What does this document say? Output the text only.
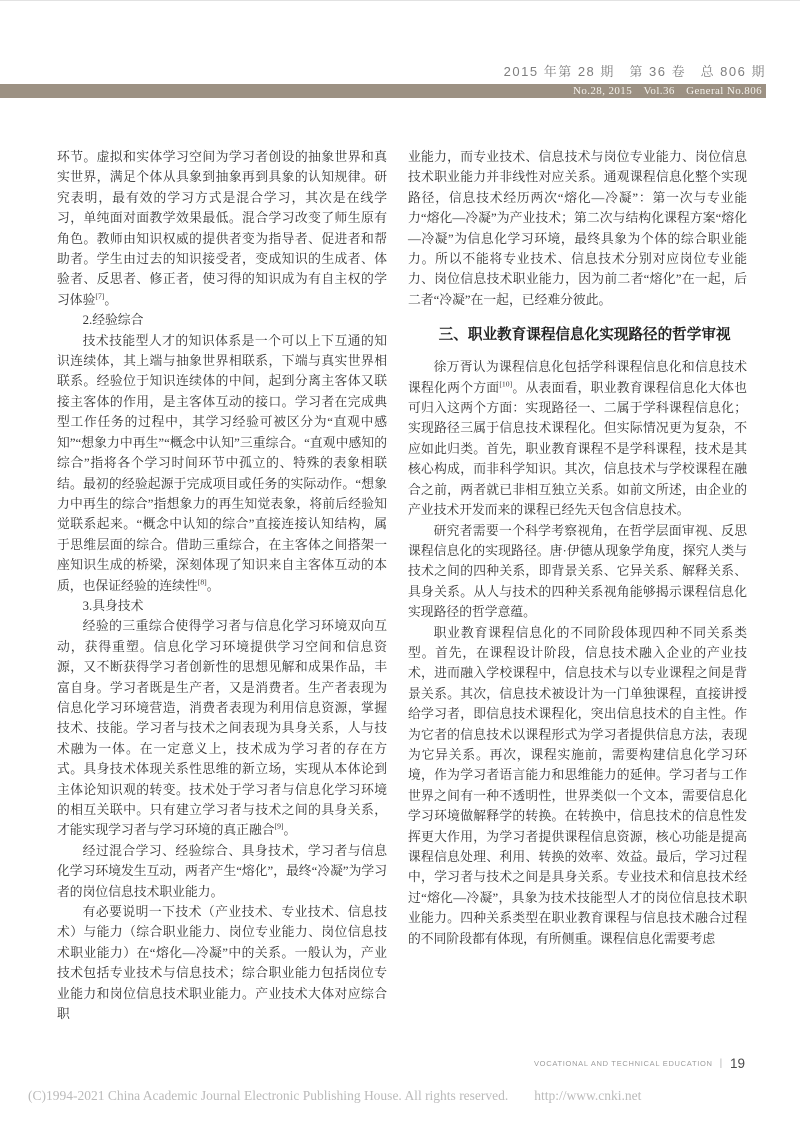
2015 年第 28 期　第 36 卷　总 806 期
No.28, 2015　Vol.36　General No.806

环节。虚拟和实体学习空间为学习者创设的抽象世界和真实世界，满足个体从具象到抽象再到具象的认知规律。研究表明，最有效的学习方式是混合学习，其次是在线学习，单纯面对面教学效果最低。混合学习改变了师生原有角色。教师由知识权威的提供者变为指导者、促进者和帮助者。学生由过去的知识接受者，变成知识的生成者、体验者、反思者、修正者，使习得的知识成为有自主权的学习体验[7]。

2.经验综合

技术技能型人才的知识体系是一个可以上下互通的知识连续体，其上端与抽象世界相联系，下端与真实世界相联系。经验位于知识连续体的中间，起到分离主客体又联接主客体的作用，是主客体互动的接口。学习者在完成典型工作任务的过程中，其学习经验可被区分为“直观中感知”“想象力中再生”“概念中认知”三重综合。“直观中感知的综合”指将各个学习时间环节中孤立的、特殊的表象相联结。最初的经验起源于完成项目或任务的实际动作。“想象力中再生的综合”指想象力的再生知觉表象，将前后经验知觉联系起来。“概念中认知的综合”直接连接认知结构，属于思维层面的综合。借助三重综合，在主客体之间搭架一座知识生成的桥梁，深刻体现了知识来自主客体互动的本质，也保证经验的连续性[8]。

3.具身技术

经验的三重综合使得学习者与信息化学习环境双向互动，获得重塑。信息化学习环境提供学习空间和信息资源，又不断获得学习者创新性的思想见解和成果作品，丰富自身。学习者既是生产者，又是消费者。生产者表现为信息化学习环境营造，消费者表现为利用信息资源，掌握技术、技能。学习者与技术之间表现为具身关系，人与技术融为一体。在一定意义上，技术成为学习者的存在方式。具身技术体现关系性思维的新立场，实现从本体论到主体论知识观的转变。技术处于学习者与信息化学习环境的相互关联中。只有建立学习者与技术之间的具身关系，才能实现学习者与学习环境的真正融合[9]。

经过混合学习、经验综合、具身技术，学习者与信息化学习环境发生互动，两者产生“熔化”，最终“冷凝”为学习者的岗位信息技术职业能力。

有必要说明一下技术（产业技术、专业技术、信息技术）与能力（综合职业能力、岗位专业能力、岗位信息技术职业能力）在“熔化—冷凝”中的关系。一般认为，产业技术包括专业技术与信息技术；综合职业能力包括岗位专业能力和岗位信息技术职业能力。产业技术大体对应综合职

业能力，而专业技术、信息技术与岗位专业能力、岗位信息技术职业能力并非线性对应关系。通观课程信息化整个实现路径，信息技术经历两次“熔化—冷凝”：第一次与专业能力“熔化—冷凝”为产业技术；第二次与结构化课程方案“熔化—冷凝”为信息化学习环境，最终具象为个体的综合职业能力。所以不能将专业技术、信息技术分别对应岗位专业能力、岗位信息技术职业能力，因为前二者“熔化”在一起，后二者“冷凝”在一起，已经难分彼此。

三、职业教育课程信息化实现路径的哲学审视

徐万胥认为课程信息化包括学科课程信息化和信息技术课程化两个方面[10]。从表面看，职业教育课程信息化大体也可归入这两个方面：实现路径一、二属于学科课程信息化；实现路径三属于信息技术课程化。但实际情况更为复杂，不应如此归类。首先，职业教育课程不是学科课程，技术是其核心构成，而非科学知识。其次，信息技术与学校课程在融合之前，两者就已非相互独立关系。如前文所述，由企业的产业技术开发而来的课程已经先天包含信息技术。

研究者需要一个科学考察视角，在哲学层面审视、反思课程信息化的实现路径。唐·伊德从现象学角度，探究人类与技术之间的四种关系，即背景关系、它异关系、解释关系、具身关系。从人与技术的四种关系视角能够揭示课程信息化实现路径的哲学意蕴。

职业教育课程信息化的不同阶段体现四种不同关系类型。首先，在课程设计阶段，信息技术融入企业的产业技术，进而融入学校课程中，信息技术与以专业课程之间是背景关系。其次，信息技术被设计为一门单独课程，直接讲授给学习者，即信息技术课程化，突出信息技术的自主性。作为它者的信息技术以课程形式为学习者提供信息方法，表现为它异关系。再次，课程实施前，需要构建信息化学习环境，作为学习者语言能力和思维能力的延伸。学习者与工作世界之间有一种不透明性，世界类似一个文本，需要信息化学习环境做解释学的转换。在转换中，信息技术的信息性发挥更大作用，为学习者提供课程信息资源，核心功能是提高课程信息处理、利用、转换的效率、效益。最后，学习过程中，学习者与技术之间是具身关系。专业技术和信息技术经过“熔化—冷凝”，具象为技术技能型人才的岗位信息技术职业能力。四种关系类型在职业教育课程与信息技术融合过程的不同阶段都有体现，有所侧重。课程信息化需要考虑

VOCATIONAL AND TECHNICAL EDUCATION | 19
(C)1994-2021 China Academic Journal Electronic Publishing House. All rights reserved. http://www.cnki.net
